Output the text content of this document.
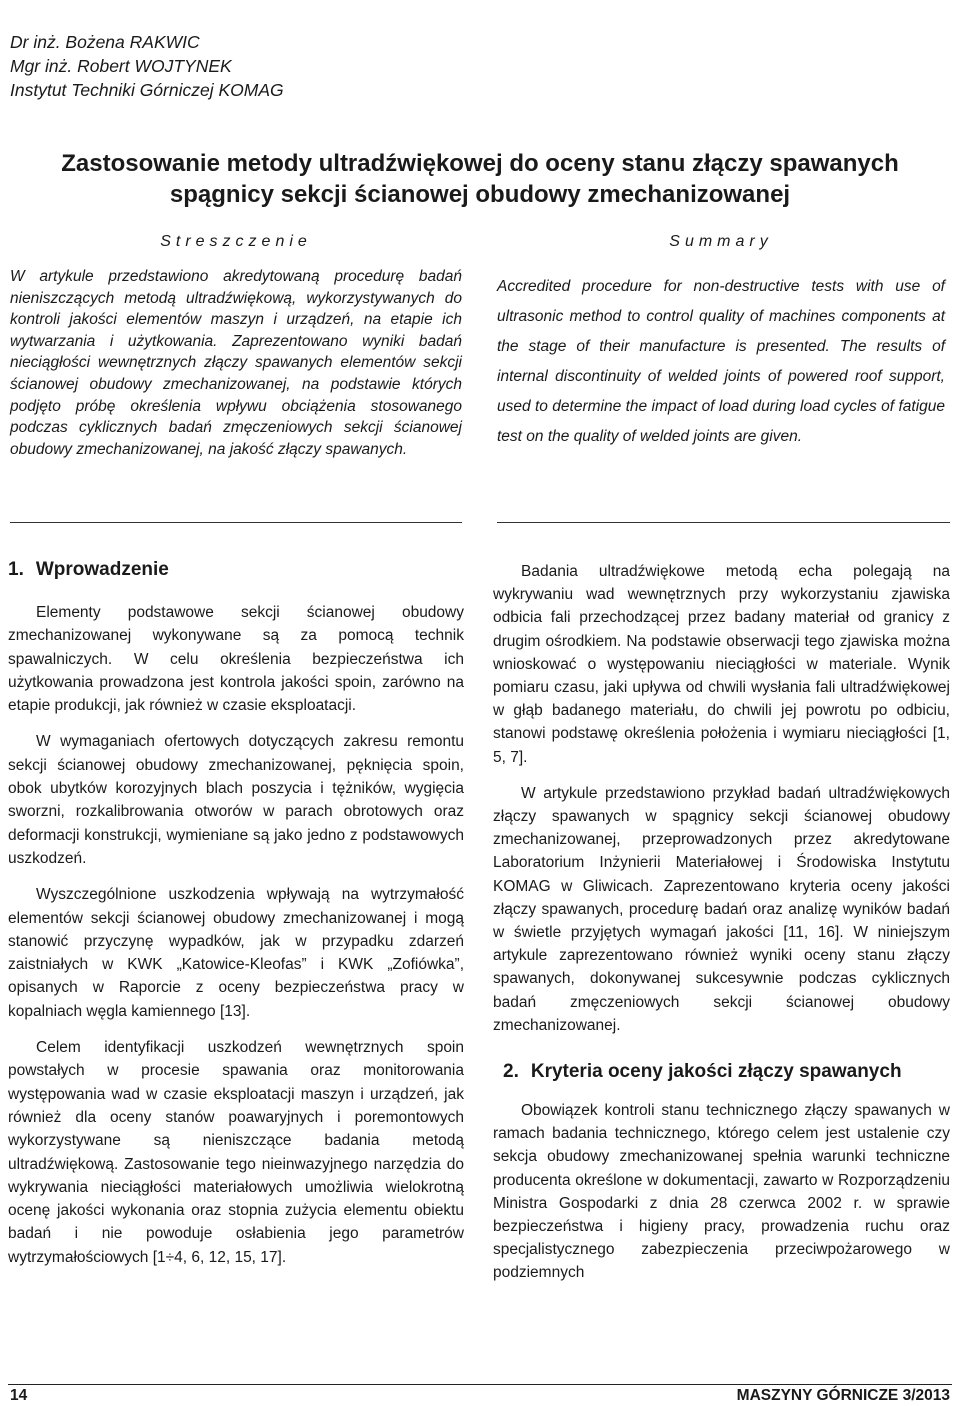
Dr inż. Bożena RAKWIC
Mgr inż. Robert WOJTYNEK
Instytut Techniki Górniczej KOMAG
Zastosowanie metody ultradźwiękowej do oceny stanu złączy spawanych
spągnicy sekcji ścianowej obudowy zmechanizowanej
Streszczenie

W artykule przedstawiono akredytowaną procedurę badań nieniszczących metodą ultradźwiękową, wykorzystywanych do kontroli jakości elementów maszyn i urządzeń, na etapie ich wytwarzania i użytkowania. Zaprezentowano wyniki badań nieciągłości wewnętrznych złączy spawanych elementów sekcji ścianowej obudowy zmechanizowanej, na podstawie których podjęto próbę określenia wpływu obciążenia stosowanego podczas cyklicznych badań zmęczeniowych sekcji ścianowej obudowy zmechanizowanej, na jakość złączy spawanych.

Summary

Accredited procedure for non-destructive tests with use of ultrasonic method to control quality of machines components at the stage of their manufacture is presented. The results of internal discontinuity of welded joints of powered roof support, used to determine the impact of load during load cycles of fatigue test on the quality of welded joints are given.

1. Wprowadzenie

Elementy podstawowe sekcji ścianowej obudowy zmechanizowanej wykonywane są za pomocą technik spawalniczych. W celu określenia bezpieczeństwa ich użytkowania prowadzona jest kontrola jakości spoin, zarówno na etapie produkcji, jak również w czasie eksploatacji.

W wymaganiach ofertowych dotyczących zakresu remontu sekcji ścianowej obudowy zmechanizowanej, pęknięcia spoin, obok ubytków korozyjnych blach poszycia i tężników, wygięcia sworzni, rozkalibrowania otworów w parach obrotowych oraz deformacji konstrukcji, wymieniane są jako jedno z podstawowych uszkodzeń.

Wyszczególnione uszkodzenia wpływają na wytrzymałość elementów sekcji ścianowej obudowy zmechanizowanej i mogą stanowić przyczynę wypadków, jak w przypadku zdarzeń zaistniałych w KWK „Katowice-Kleofas” i KWK „Zofiówka”, opisanych w Raporcie z oceny bezpieczeństwa pracy w kopalniach węgla kamiennego [13].

Celem identyfikacji uszkodzeń wewnętrznych spoin powstałych w procesie spawania oraz monitorowania występowania wad w czasie eksploatacji maszyn i urządzeń, jak również dla oceny stanów poawaryjnych i poremontowych wykorzystywane są nieniszczące badania metodą ultradźwiękową. Zastosowanie tego nieinwazyjnego narzędzia do wykrywania nieciągłości materiałowych umożliwia wielokrotną ocenę jakości wykonania oraz stopnia zużycia elementu obiektu badań i nie powoduje osłabienia jego parametrów wytrzymałościowych [1÷4, 6, 12, 15, 17].

Badania ultradźwiękowe metodą echa polegają na wykrywaniu wad wewnętrznych przy wykorzystaniu zjawiska odbicia fali przechodzącej przez badany materiał od granicy z drugim ośrodkiem. Na podstawie obserwacji tego zjawiska można wnioskować o występowaniu nieciągłości w materiale. Wynik pomiaru czasu, jaki upływa od chwili wysłania fali ultradźwiękowej w głąb badanego materiału, do chwili jej powrotu po odbiciu, stanowi podstawę określenia położenia i wymiaru nieciągłości [1, 5, 7].

W artykule przedstawiono przykład badań ultradźwiękowych złączy spawanych w spągnicy sekcji ścianowej obudowy zmechanizowanej, przeprowadzonych przez akredytowane Laboratorium Inżynierii Materiałowej i Środowiska Instytutu KOMAG w Gliwicach. Zaprezentowano kryteria oceny jakości złączy spawanych, procedurę badań oraz analizę wyników badań w świetle przyjętych wymagań jakości [11, 16]. W niniejszym artykule zaprezentowano również wyniki oceny stanu złączy spawanych, dokonywanej sukcesywnie podczas cyklicznych badań zmęczeniowych sekcji ścianowej obudowy zmechanizowanej.

2. Kryteria oceny jakości złączy spawanych

Obowiązek kontroli stanu technicznego złączy spawanych w ramach badania technicznego, którego celem jest ustalenie czy sekcja obudowy zmechanizowanej spełnia warunki techniczne producenta określone w dokumentacji, zawarto w Rozporządzeniu Ministra Gospodarki z dnia 28 czerwca 2002 r. w sprawie bezpieczeństwa i higieny pracy, prowadzenia ruchu oraz specjalistycznego zabezpieczenia przeciwpożarowego w podziemnych

14	MASZYNY GÓRNICZE 3/2013
